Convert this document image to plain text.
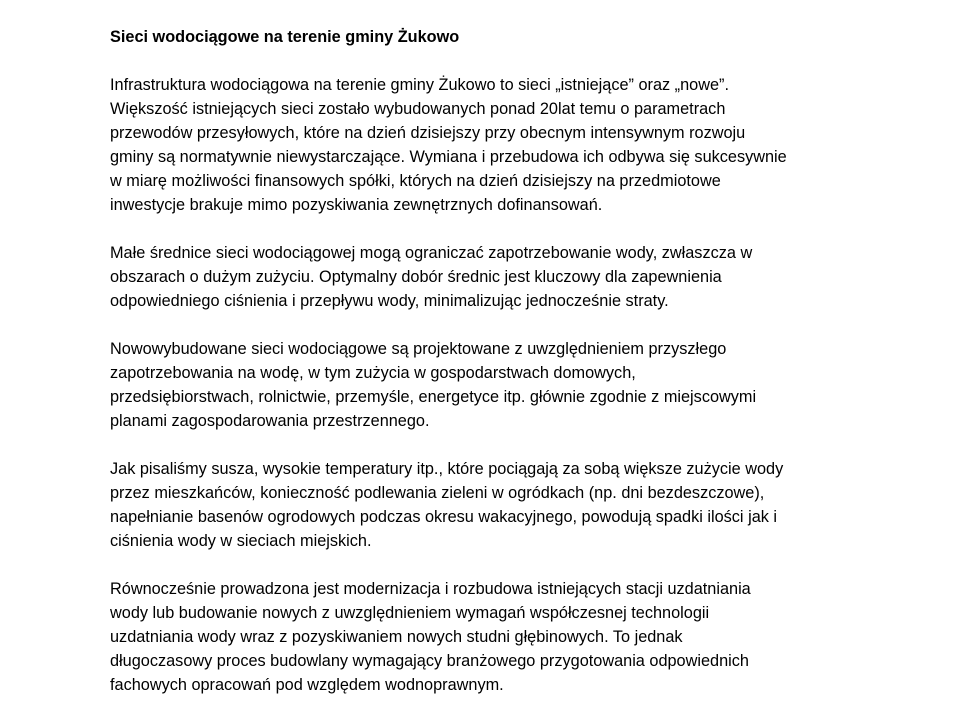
Sieci wodociągowe na terenie gminy Żukowo
Infrastruktura wodociągowa na terenie gminy Żukowo to sieci „istniejące” oraz „nowe”.
Większość istniejących sieci zostało wybudowanych ponad 20lat temu o parametrach
przewodów przesyłowych, które na dzień dzisiejszy przy obecnym intensywnym rozwoju
gminy są normatywnie niewystarczające. Wymiana i przebudowa ich odbywa się sukcesywnie
w miarę możliwości finansowych spółki, których na dzień dzisiejszy na przedmiotowe
inwestycje brakuje mimo pozyskiwania zewnętrznych dofinansowań.
Małe średnice sieci wodociągowej mogą ograniczać zapotrzebowanie wody, zwłaszcza w
obszarach o dużym zużyciu. Optymalny dobór średnic jest kluczowy dla zapewnienia
odpowiedniego ciśnienia i przepływu wody, minimalizując jednocześnie straty.
Nowowybudowane sieci wodociągowe są projektowane z uwzględnieniem przyszłego
zapotrzebowania na wodę, w tym zużycia w gospodarstwach domowych,
przedsiębiorstwach, rolnictwie, przemyśle, energetyce itp. głównie zgodnie z miejscowymi
planami zagospodarowania przestrzennego.
Jak pisaliśmy susza, wysokie temperatury itp., które pociągają za sobą większe zużycie wody
przez mieszkańców, konieczność podlewania zieleni w ogródkach (np. dni bezdeszczowe),
napełnianie basenów ogrodowych podczas okresu wakacyjnego, powodują spadki ilości jak i
ciśnienia wody w sieciach miejskich.
Równocześnie prowadzona jest modernizacja i rozbudowa istniejących stacji uzdatniania
wody lub budowanie nowych z uwzględnieniem wymagań współczesnej technologii
uzdatniania wody wraz z pozyskiwaniem nowych studni głębinowych. To jednak
długoczasowy proces budowlany wymagający branżowego przygotowania odpowiednich
fachowych opracowań pod względem wodnoprawnym.
